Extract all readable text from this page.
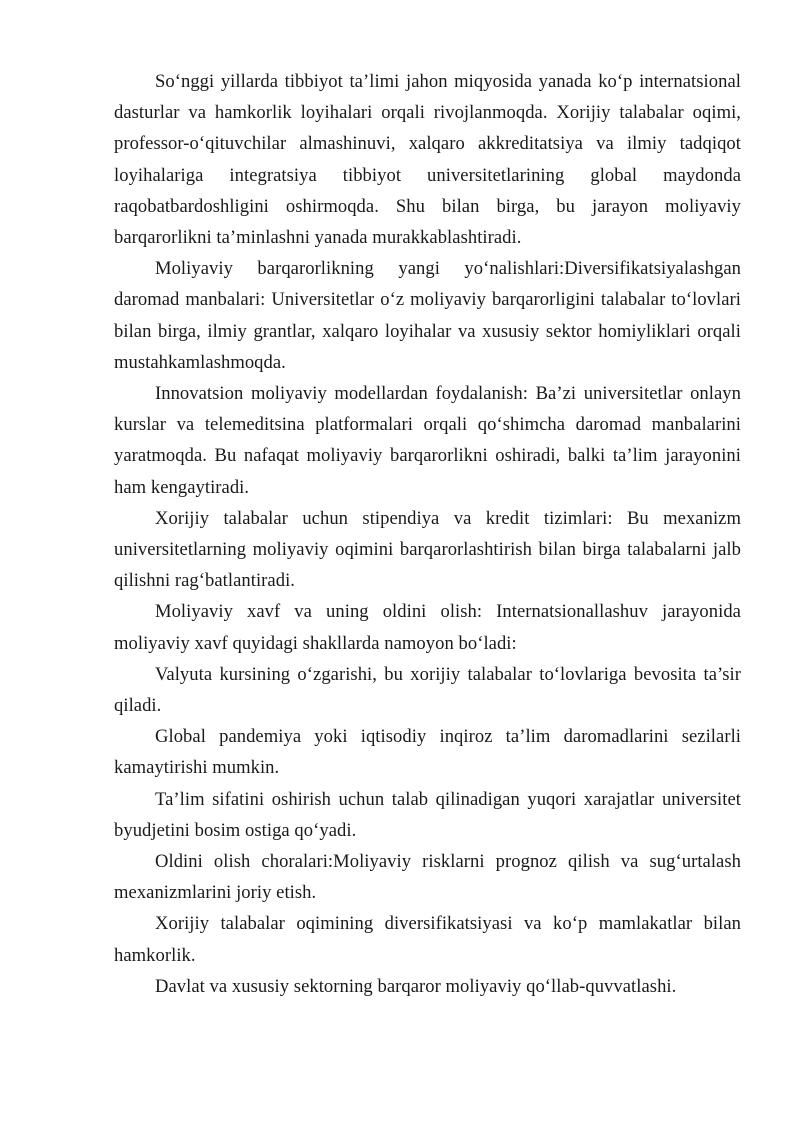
So‘nggi yillarda tibbiyot ta’limi jahon miqyosida yanada ko‘p internatsional dasturlar va hamkorlik loyihalari orqali rivojlanmoqda. Xorijiy talabalar oqimi, professor-o‘qituvchilar almashinuvi, xalqaro akkreditatsiya va ilmiy tadqiqot loyihalariga integratsiya tibbiyot universitetlarining global maydonda raqobatbardoshligini oshirmoqda. Shu bilan birga, bu jarayon moliyaviy barqarorlikni ta’minlashni yanada murakkablashtiradi.

Moliyaviy barqarorlikning yangi yo‘nalishlari:Diversifikatsiyalashgan daromad manbalari: Universitetlar o‘z moliyaviy barqarorligini talabalar to‘lovlari bilan birga, ilmiy grantlar, xalqaro loyihalar va xususiy sektor homiyliklari orqali mustahkamlashmoqda.

Innovatsion moliyaviy modellardan foydalanish: Ba’zi universitetlar onlayn kurslar va telemeditsina platformalari orqali qo‘shimcha daromad manbalarini yaratmoqda. Bu nafaqat moliyaviy barqarorlikni oshiradi, balki ta’lim jarayonini ham kengaytiradi.

Xorijiy talabalar uchun stipendiya va kredit tizimlari: Bu mexanizm universitetlarning moliyaviy oqimini barqarorlashtirish bilan birga talabalarni jalb qilishni rag‘batlantiradi.

Moliyaviy xavf va uning oldini olish: Internatsionallashuv jarayonida moliyaviy xavf quyidagi shakllarda namoyon bo‘ladi:

Valyuta kursining o‘zgarishi, bu xorijiy talabalar to‘lovlariga bevosita ta’sir qiladi.

Global pandemiya yoki iqtisodiy inqiroz ta’lim daromadlarini sezilarli kamaytirishi mumkin.

Ta’lim sifatini oshirish uchun talab qilinadigan yuqori xarajatlar universitet byudjetini bosim ostiga qo‘yadi.

Oldini olish choralari:Moliyaviy risklarni prognoz qilish va sug‘urtalash mexanizmlarini joriy etish.

Xorijiy talabalar oqimining diversifikatsiyasi va ko‘p mamlakatlar bilan hamkorlik.

Davlat va xususiy sektorning barqaror moliyaviy qo‘llab-quvvatlashi.
